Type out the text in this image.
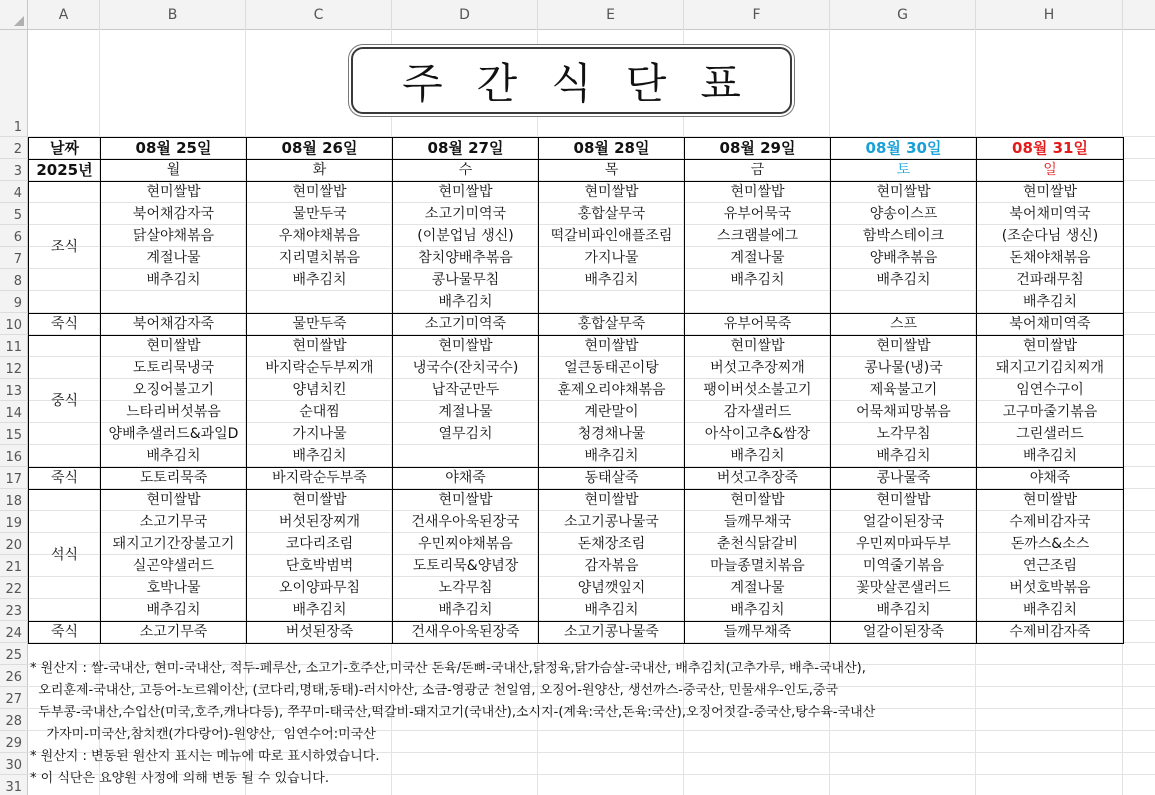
A	B	C	D	E	F	G	H
1
2
3
4
5
6
7
8
9
10
11
12
13
14
15
16
17
18
19
20
21
22
23
24
25
26
27
28
29
30
31
주간식단표
날짜	08월 25일	08월 26일	08월 27일	08월 28일	08월 29일	08월 30일	08월 31일
2025년	월	화	수	목	금	토	일
조식	현미쌀밥	현미쌀밥	현미쌀밥	현미쌀밥	현미쌀밥	현미쌀밥	현미쌀밥
	북어채감자국	물만두국	소고기미역국	홍합살무국	유부어묵국	양송이스프	북어채미역국
	닭살야채볶음	우채야채볶음	(이분업님 생신)	떡갈비파인애플조림	스크램블에그	함박스테이크	(조순다님 생신)
	계절나물	지리멸치볶음	참치양배추볶음	가지나물	계절나물	양배추볶음	돈채야채볶음
	배추김치	배추김치	콩나물무침	배추김치	배추김치	배추김치	건파래무침
			배추김치				배추김치
죽식	북어채감자죽	물만두죽	소고기미역죽	홍합살무죽	유부어묵죽	스프	북어채미역죽
중식	현미쌀밥	현미쌀밥	현미쌀밥	현미쌀밥	현미쌀밥	현미쌀밥	현미쌀밥
	도토리묵냉국	바지락순두부찌개	냉국수(잔치국수)	얼큰동태곤이탕	버섯고추장찌개	콩나물(냉)국	돼지고기김치찌개
	오징어불고기	양념치킨	납작군만두	훈제오리야채볶음	팽이버섯소불고기	제육불고기	임연수구이
	느타리버섯볶음	순대찜	계절나물	계란말이	감자샐러드	어묵채피망볶음	고구마줄기볶음
	양배추샐러드&과일D	가지나물	열무김치	청경채나물	아삭이고추&쌈장	노각무침	그린샐러드
	배추김치	배추김치		배추김치	배추김치	배추김치	배추김치
죽식	도토리묵죽	바지락순두부죽	야채죽	동태살죽	버섯고추장죽	콩나물죽	야채죽
석식	현미쌀밥	현미쌀밥	현미쌀밥	현미쌀밥	현미쌀밥	현미쌀밥	현미쌀밥
	소고기무국	버섯된장찌개	건새우아욱된장국	소고기콩나물국	들깨무채국	얼갈이된장국	수제비감자국
	돼지고기간장불고기	코다리조림	우민찌야채볶음	돈채장조림	춘천식닭갈비	우민찌마파두부	돈까스&소스
	실곤약샐러드	단호박범벅	도토리묵&양념장	감자볶음	마늘종멸치볶음	미역줄기볶음	연근조림
	호박나물	오이양파무침	노각무침	양념깻잎지	계절나물	꽃맛살콘샐러드	버섯호박볶음
	배추김치	배추김치	배추김치	배추김치	배추김치	배추김치	배추김치
죽식	소고기무죽	버섯된장죽	건새우아욱된장죽	소고기콩나물죽	들깨무채죽	얼갈이된장죽	수제비감자죽
* 원산지 : 쌀-국내산, 현미-국내산, 적두-페루산, 소고기-호주산,미국산 돈육/돈뼈-국내산,닭정육,닭가슴살-국내산, 배추김치(고추가루, 배추-국내산),
오리훈제-국내산, 고등어-노르웨이산, (코다리,명태,동태)-러시아산, 소금-영광군 천일염, 오징어-원양산, 생선까스-중국산, 민물새우-인도,중국
두부콩-국내산,수입산(미국,호주,캐나다등), 쭈꾸미-태국산,떡갈비-돼지고기(국내산),소시지-(계육:국산,돈육:국산),오징어젓갈-중국산,탕수육-국내산
가자미-미국산,참치캔(가다랑어)-원양산,  임연수어:미국산
* 원산지 : 변동된 원산지 표시는 메뉴에 따로 표시하였습니다.
* 이 식단은 요양원 사정에 의해 변동 될 수 있습니다.
